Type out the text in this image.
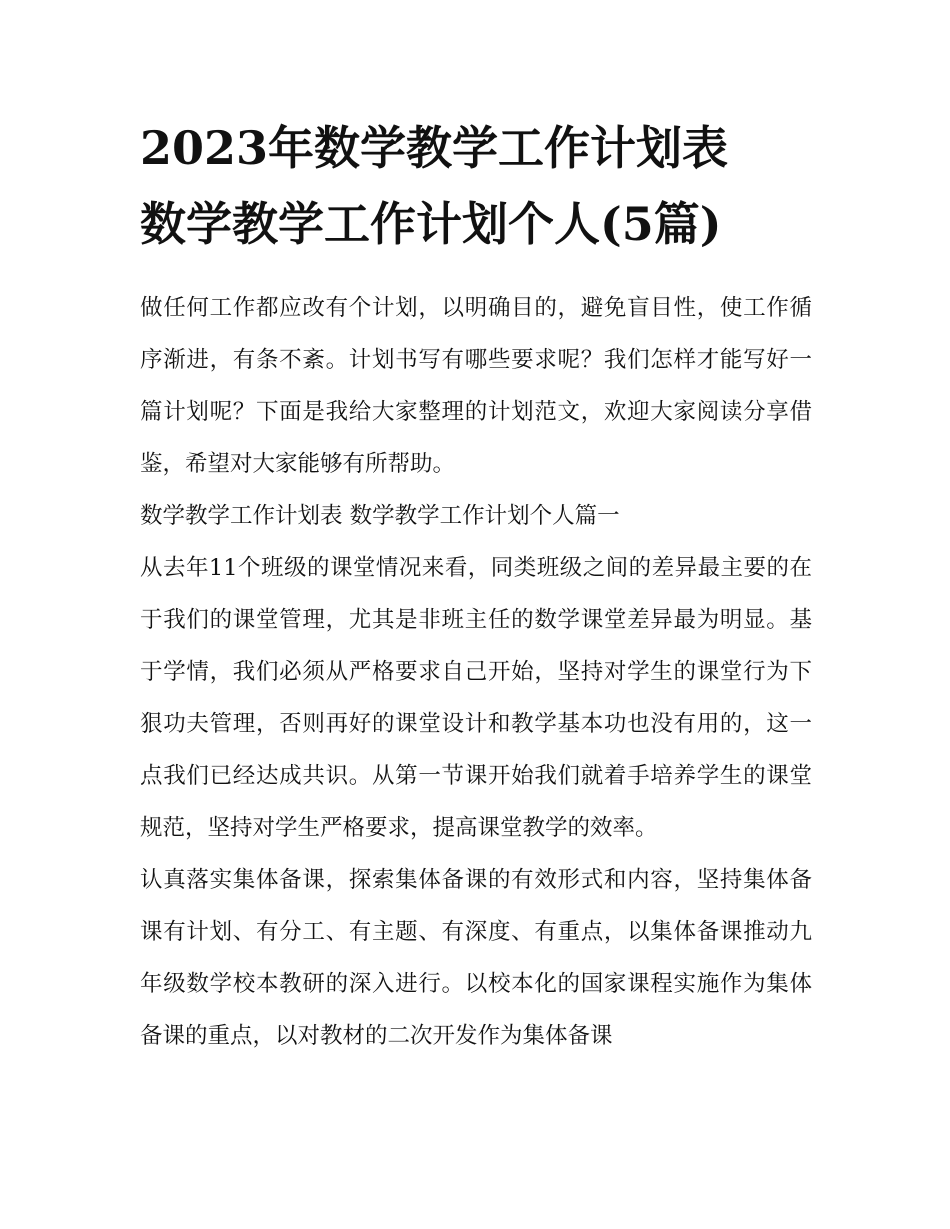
2023年数学教学工作计划表
数学教学工作计划个人(5篇)

做任何工作都应改有个计划，以明确目的，避免盲目性，使工作循序渐进，有条不紊。计划书写有哪些要求呢？我们怎样才能写好一篇计划呢？下面是我给大家整理的计划范文，欢迎大家阅读分享借鉴，希望对大家能够有所帮助。

数学教学工作计划表 数学教学工作计划个人篇一

从去年11个班级的课堂情况来看，同类班级之间的差异最主要的在于我们的课堂管理，尤其是非班主任的数学课堂差异最为明显。基于学情，我们必须从严格要求自己开始，坚持对学生的课堂行为下狠功夫管理，否则再好的课堂设计和教学基本功也没有用的，这一点我们已经达成共识。从第一节课开始我们就着手培养学生的课堂规范，坚持对学生严格要求，提高课堂教学的效率。

认真落实集体备课，探索集体备课的有效形式和内容，坚持集体备课有计划、有分工、有主题、有深度、有重点，以集体备课推动九年级数学校本教研的深入进行。以校本化的国家课程实施作为集体备课的重点，以对教材的二次开发作为集体备课
